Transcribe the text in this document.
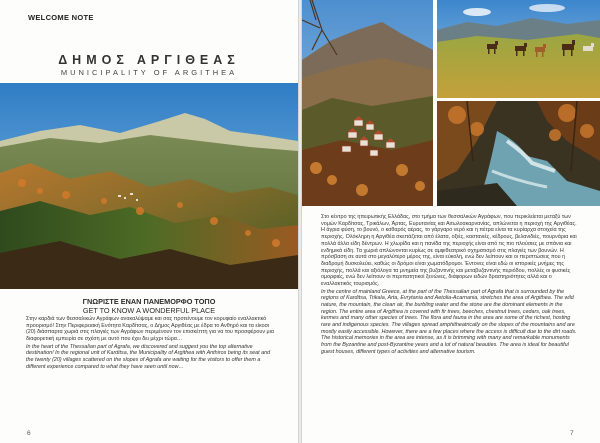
WELCOME NOTE
ΔΗΜΟΣ ΑΡΓΙΘΕΑΣ
MUNICIPALITY OF ARGITHEA
ΓΝΩΡΙΣΤΕ ΕΝΑΝ ΠΑΝΕΜΟΡΦΟ ΤΟΠΟ
GET TO KNOW A WONDERFUL PLACE

Στην καρδιά των θεσσαλικών Αγράφων ανακαλύψαμε και σας προτείνουμε τον κορυφαίο εναλλακτικό προορισμό! Στην Περιφερειακή Ενότητα Καρδίτσας, ο Δήμος Αργιθέας με έδρα το Ανθηρό και τα είκοσι (20) διάσπαρτα χωριά στις πλαγιές των Αγράφων περιμένουν τον επισκέπτη για να του προσφέρουν μια διαφορετική εμπειρία σε σχέση με αυτό που έχει δει μέχρι τώρα…

In the heart of the Thessalian part of Agrafa, we discovered and suggest you the top alternative destination! In the regional unit of Karditsa, the Municipality of Argithea with Anthiros being its seat and the twenty (20) villages scattered on the slopes of Agrafa are waiting for the visitors to offer them a different experience compared to what they have seen until now…

6

Στο κέντρο της ηπειρωτικής Ελλάδας, στο τμήμα των θεσσαλικών Αγράφων, που περικλείεται μεταξύ των νομών Καρδίτσας, Τρικάλων, Άρτας, Ευρυτανίας και Αιτωλοακαρνανίας, απλώνεται η περιοχή της Αργιθέας. Η άγρια φύση, το βουνό, ο καθαρός αέρας, το γάργαρο νερό και η πέτρα είναι τα κυρίαρχα στοιχεία της περιοχής. Ολόκληρη η Αργιθέα σκεπάζεται από έλατα, οξιές, καστανιές, κέδρους, βελανιδιές, πουρνάρια και πολλά άλλα είδη δέντρων. Η χλωρίδα και η πανίδα της περιοχής είναι από τις πιο πλούσιες με σπάνια και ενδημικά είδη. Τα χωριά απλώνονται κυρίως σε αμφιθεατρικό σχηματισμό στις πλαγιές των βουνών. Η πρόσβαση σε αυτά στο μεγαλύτερο μέρος της, είναι εύκολη, ενώ δεν λείπουν και οι περιπτώσεις που η διαδρομή δυσκολεύει, καθώς οι δρόμοι είναι χωματόδρομοι. Έντονες είναι εδώ οι ιστορικές μνήμες της περιοχής, πολλά και αξιόλογα τα μνημεία της βυζαντινής και μεταβυζαντινής περιόδου, πολλές οι φυσικές ομορφιές, ενώ δεν λείπουν οι περιπατητικοί ξενώνες, διάφορων ειδών δραστηριότητες αλλά και ο εναλλακτικός τουρισμός.

In the centre of mainland Greece, at the part of the Thessalian part of Agrafa that is surrounded by the regions of Karditsa, Trikala, Arta, Evrytania and Aetolia-Acarnania, stretches the area of Argithea. The wild nature, the mountain, the clean air, the burbling water and the stone are the dominant elements in the region. The entire area of Argithea is covered with fir trees, beeches, chestnut trees, cedars, oak trees, kermes and many other species of trees. The flora and fauna in the area are some of the richest, hosting rare and indigenous species. The villages spread amphitheatrically on the slopes of the mountains and are mostly easily accessible. However, there are a few places where the access is difficult due to the dirt roads. The historical memories in the area are intense, as it is brimming with many and remarkable monuments from the Byzantine and post-Byzantine years and a lot of natural beauties. The area is ideal for beautiful guest houses, different types of activities and alternative tourism.

7
